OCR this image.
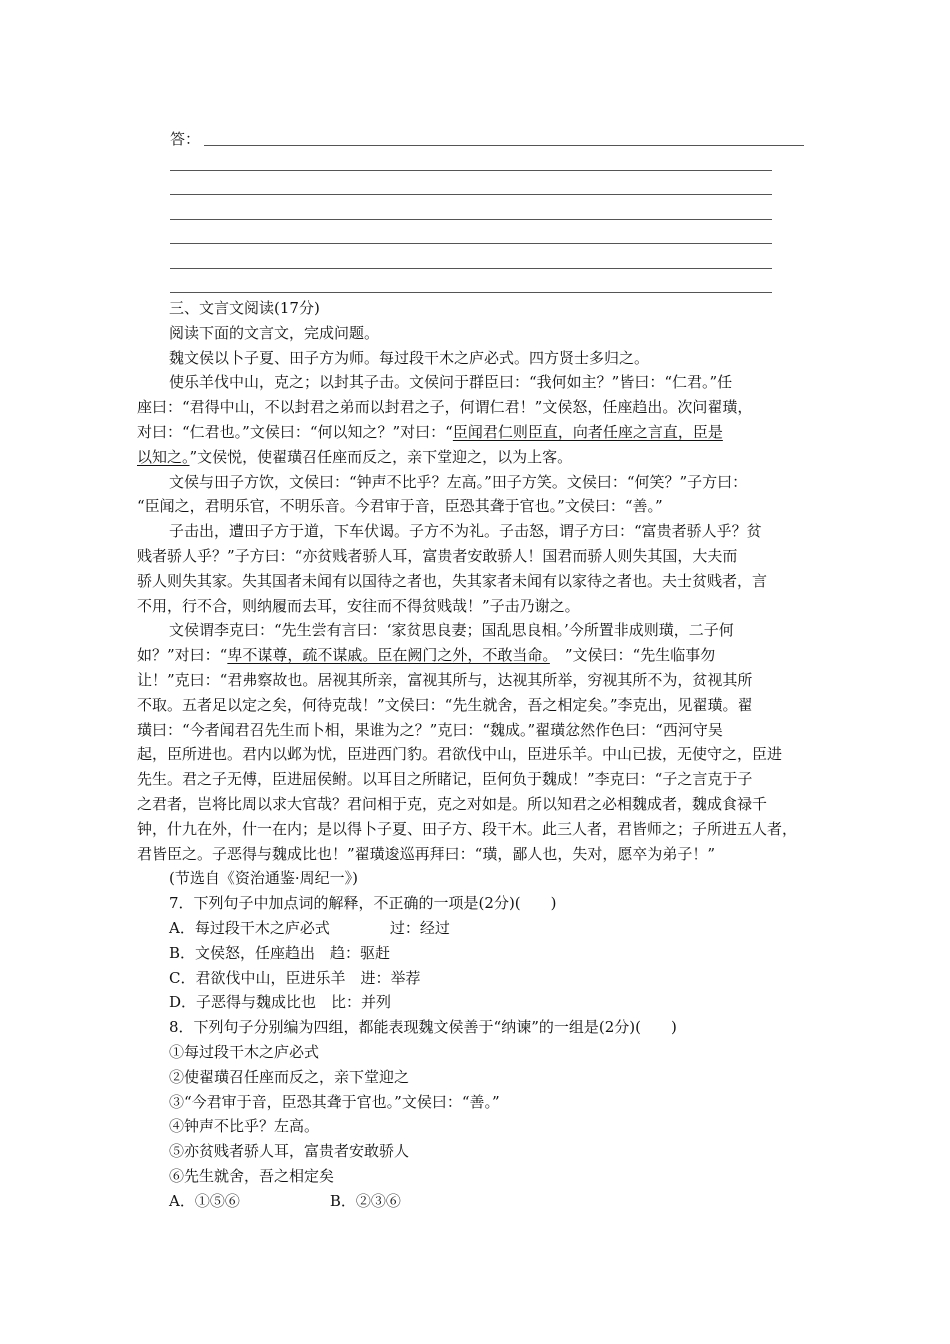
答：
三、文言文阅读(17分)
阅读下面的文言文，完成问题。
魏文侯以卜子夏、田子方为师。每过段干木之庐必式。四方贤士多归之。
使乐羊伐中山，克之；以封其子击。文侯问于群臣曰：“我何如主？”皆曰：“仁君。”任
座曰：“君得中山，不以封君之弟而以封君之子，何谓仁君！”文侯怒，任座趋出。次问翟璜，
对曰：“仁君也。”文侯曰：“何以知之？”对曰：“臣闻君仁则臣直，向者任座之言直，臣是
以知之。”文侯悦，使翟璜召任座而反之，亲下堂迎之，以为上客。
文侯与田子方饮，文侯曰：“钟声不比乎？左高。”田子方笑。文侯曰：“何笑？”子方曰：
“臣闻之，君明乐官，不明乐音。今君审于音，臣恐其聋于官也。”文侯曰：“善。”
子击出，遭田子方于道，下车伏谒。子方不为礼。子击怒，谓子方曰：“富贵者骄人乎？贫
贱者骄人乎？”子方曰：“亦贫贱者骄人耳，富贵者安敢骄人！国君而骄人则失其国，大夫而
骄人则失其家。失其国者未闻有以国待之者也，失其家者未闻有以家待之者也。夫士贫贱者，言
不用，行不合，则纳履而去耳，安往而不得贫贱哉！”子击乃谢之。
文侯谓李克曰：“先生尝有言曰：‘家贫思良妻；国乱思良相。’今所置非成则璜，二子何
如？”对曰：“卑不谋尊，疏不谋戚。臣在阙门之外，不敢当命。　”文侯曰：“先生临事勿
让！”克曰：“君弗察故也。居视其所亲，富视其所与，达视其所举，穷视其所不为，贫视其所
不取。五者足以定之矣，何待克哉！”文侯曰：“先生就舍，吾之相定矣。”李克出，见翟璜。翟
璜曰：“今者闻君召先生而卜相，果谁为之？”克曰：“魏成。”翟璜忿然作色曰：“西河守吴
起，臣所进也。君内以邺为忧，臣进西门豹。君欲伐中山，臣进乐羊。中山已拔，无使守之，臣进
先生。君之子无傅，臣进屈侯鲋。以耳目之所睹记，臣何负于魏成！”李克曰：“子之言克于子
之君者，岂将比周以求大官哉？君问相于克，克之对如是。所以知君之必相魏成者，魏成食禄千
钟，什九在外，什一在内；是以得卜子夏、田子方、段干木。此三人者，君皆师之；子所进五人者，
君皆臣之。子恶得与魏成比也！”翟璜逡巡再拜曰：“璜，鄙人也，失对，愿卒为弟子！”
(节选自《资治通鉴·周纪一》)
7．下列句子中加点词的解释，不正确的一项是(2分)(　　)
A．每过段干木之庐必式	过：经过
B．文侯怒，任座趋出　趋：驱赶
C．君欲伐中山，臣进乐羊　进：举荐
D．子恶得与魏成比也　比：并列
8．下列句子分别编为四组，都能表现魏文侯善于“纳谏”的一组是(2分)(　　)
①每过段干木之庐必式
②使翟璜召任座而反之，亲下堂迎之
③“今君审于音，臣恐其聋于官也。”文侯曰：“善。”
④钟声不比乎？左高。
⑤亦贫贱者骄人耳，富贵者安敢骄人
⑥先生就舍，吾之相定矣
A．①⑤⑥	B．②③⑥
